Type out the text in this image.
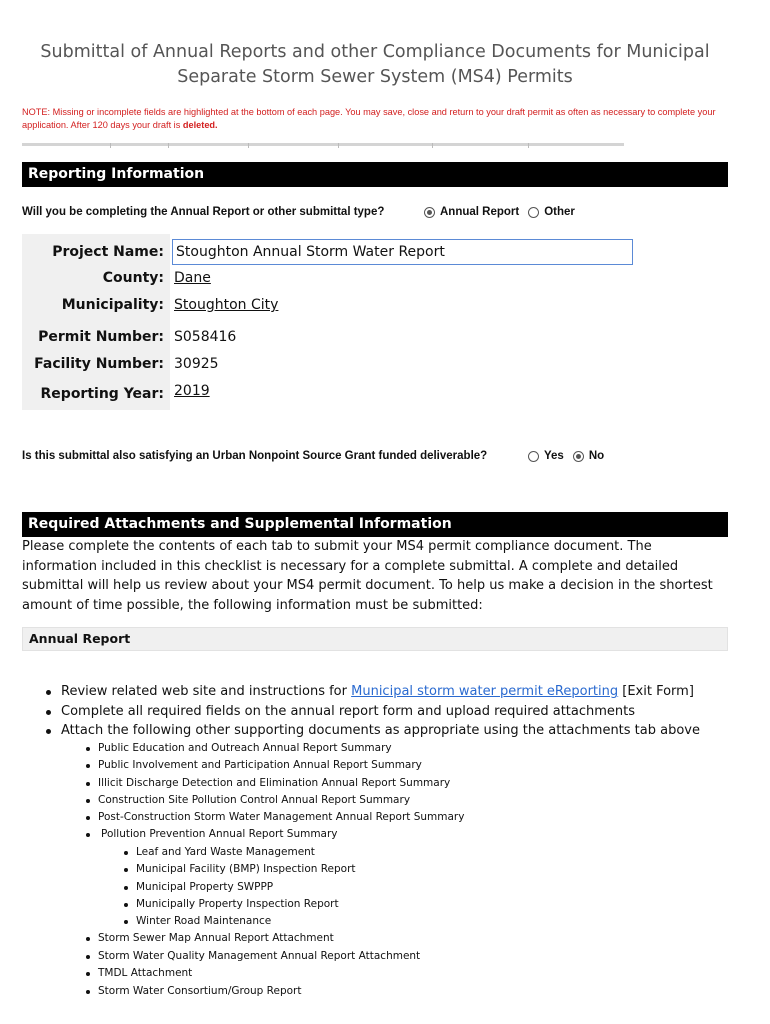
Submittal of Annual Reports and other Compliance Documents for Municipal
Separate Storm Sewer System (MS4) Permits
NOTE: Missing or incomplete fields are highlighted at the bottom of each page. You may save, close and return to your draft permit as often as necessary to complete your application. After 120 days your draft is deleted.
Reporting Information
Will you be completing the Annual Report or other submittal type?	Annual Report Other
Project Name: Stoughton Annual Storm Water Report
County: Dane
Municipality: Stoughton City
Permit Number: S058416
Facility Number: 30925
Reporting Year: 2019
Is this submittal also satisfying an Urban Nonpoint Source Grant funded deliverable?	Yes No
Required Attachments and Supplemental Information

Please complete the contents of each tab to submit your MS4 permit compliance document. The information included in this checklist is necessary for a complete submittal. A complete and detailed submittal will help us review about your MS4 permit document. To help us make a decision in the shortest amount of time possible, the following information must be submitted:

Annual Report
Review related web site and instructions for Municipal storm water permit eReporting [Exit Form]
Complete all required fields on the annual report form and upload required attachments
Attach the following other supporting documents as appropriate using the attachments tab above
Public Education and Outreach Annual Report Summary
Public Involvement and Participation Annual Report Summary
Illicit Discharge Detection and Elimination Annual Report Summary
Construction Site Pollution Control Annual Report Summary
Post-Construction Storm Water Management Annual Report Summary
Pollution Prevention Annual Report Summary
Leaf and Yard Waste Management
Municipal Facility (BMP) Inspection Report
Municipal Property SWPPP
Municipally Property Inspection Report
Winter Road Maintenance
Storm Sewer Map Annual Report Attachment
Storm Water Quality Management Annual Report Attachment
TMDL Attachment
Storm Water Consortium/Group Report
